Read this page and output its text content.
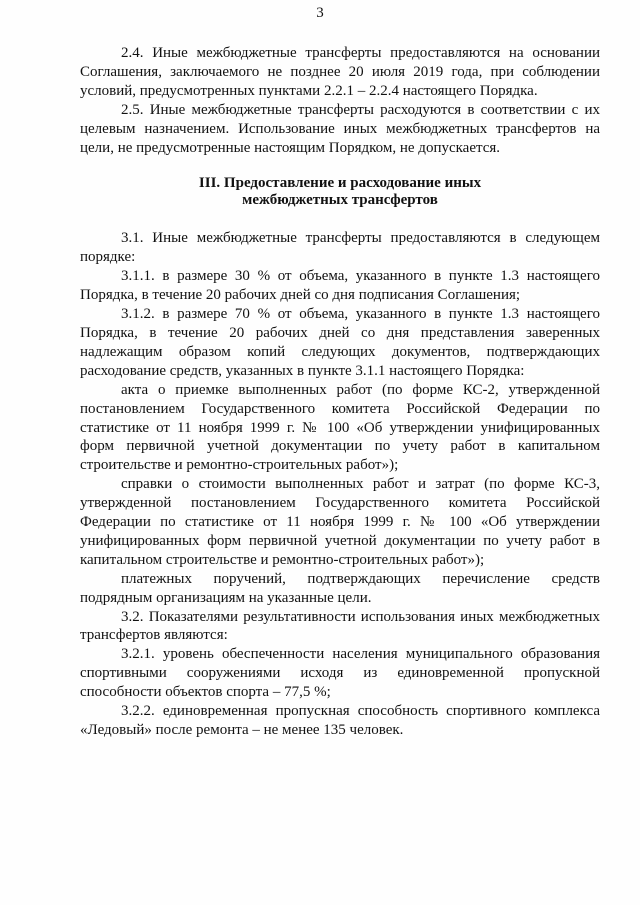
3

2.4. Иные межбюджетные трансферты предоставляются на основании Соглашения, заключаемого не позднее 20 июля 2019 года, при соблюдении условий, предусмотренных пунктами 2.2.1 – 2.2.4 настоящего Порядка.

2.5. Иные межбюджетные трансферты расходуются в соответствии с их целевым назначением. Использование иных межбюджетных трансфертов на цели, не предусмотренные настоящим Порядком, не допускается.

III. Предоставление и расходование иных
межбюджетных трансфертов

3.1. Иные межбюджетные трансферты предоставляются в следующем порядке:

3.1.1. в размере 30 % от объема, указанного в пункте 1.3 настоящего Порядка, в течение 20 рабочих дней со дня подписания Соглашения;

3.1.2. в размере 70 % от объема, указанного в пункте 1.3 настоящего Порядка, в течение 20 рабочих дней со дня представления заверенных надлежащим образом копий следующих документов, подтверждающих расходование средств, указанных в пункте 3.1.1 настоящего Порядка:

акта о приемке выполненных работ (по форме КС-2, утвержденной постановлением Государственного комитета Российской Федерации по статистике от 11 ноября 1999 г. № 100 «Об утверждении унифицированных форм первичной учетной документации по учету работ в капитальном строительстве и ремонтно-строительных работ»);

справки о стоимости выполненных работ и затрат (по форме КС-3, утвержденной постановлением Государственного комитета Российской Федерации по статистике от 11 ноября 1999 г. № 100 «Об утверждении унифицированных форм первичной учетной документации по учету работ в капитальном строительстве и ремонтно-строительных работ»);

платежных поручений, подтверждающих перечисление средств подрядным организациям на указанные цели.

3.2. Показателями результативности использования иных межбюджетных трансфертов являются:

3.2.1. уровень обеспеченности населения муниципального образования спортивными сооружениями исходя из единовременной пропускной способности объектов спорта – 77,5 %;

3.2.2. единовременная пропускная способность спортивного комплекса «Ледовый» после ремонта – не менее 135 человек.
